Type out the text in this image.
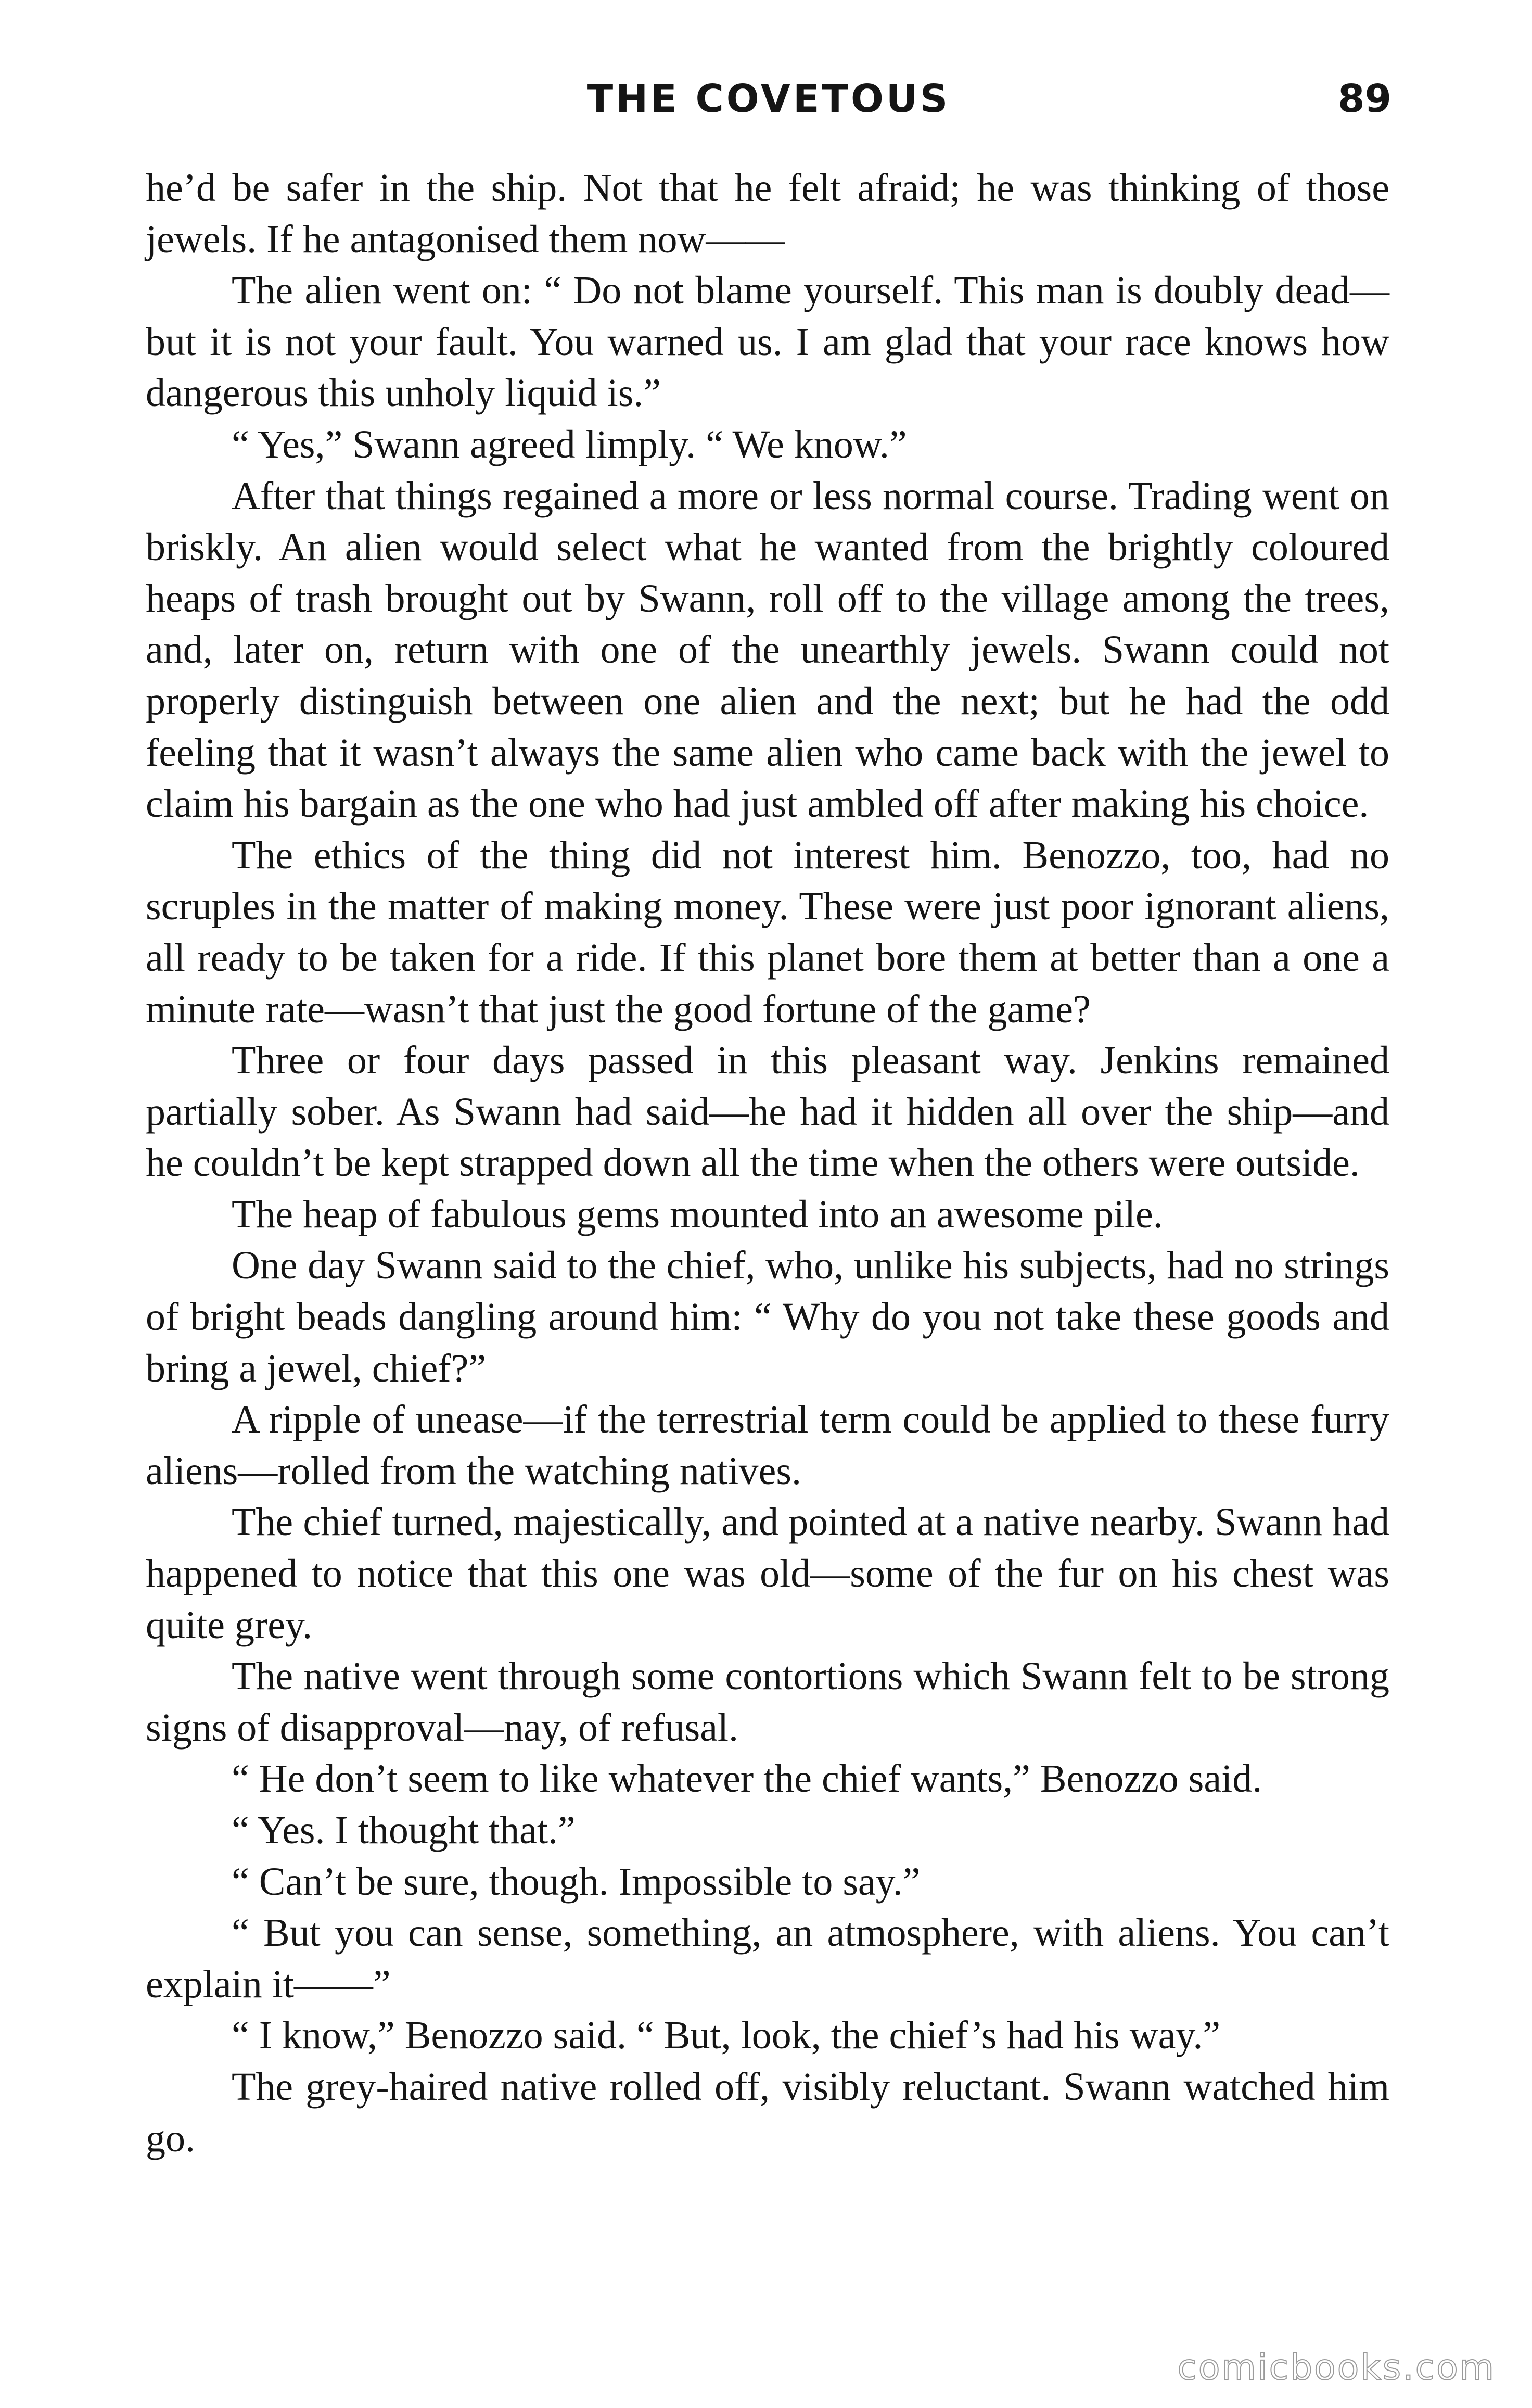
THE COVETOUS	89

he’d be safer in the ship. Not that he felt afraid; he was thinking of those jewels. If he antagonised them now——

The alien went on: “ Do not blame yourself. This man is doubly dead—but it is not your fault. You warned us. I am glad that your race knows how dangerous this unholy liquid is.”

“ Yes,” Swann agreed limply. “ We know.”

After that things regained a more or less normal course. Trading went on briskly. An alien would select what he wanted from the brightly coloured heaps of trash brought out by Swann, roll off to the village among the trees, and, later on, return with one of the unearthly jewels. Swann could not properly distinguish between one alien and the next; but he had the odd feeling that it wasn’t always the same alien who came back with the jewel to claim his bargain as the one who had just ambled off after making his choice.

The ethics of the thing did not interest him. Benozzo, too, had no scruples in the matter of making money. These were just poor ignorant aliens, all ready to be taken for a ride. If this planet bore them at better than a one a minute rate—wasn’t that just the good fortune of the game?

Three or four days passed in this pleasant way. Jenkins remained partially sober. As Swann had said—he had it hidden all over the ship—and he couldn’t be kept strapped down all the time when the others were outside.

The heap of fabulous gems mounted into an awesome pile.

One day Swann said to the chief, who, unlike his subjects, had no strings of bright beads dangling around him: “ Why do you not take these goods and bring a jewel, chief?”

A ripple of unease—if the terrestrial term could be applied to these furry aliens—rolled from the watching natives.

The chief turned, majestically, and pointed at a native nearby. Swann had happened to notice that this one was old—some of the fur on his chest was quite grey.

The native went through some contortions which Swann felt to be strong signs of disapproval—nay, of refusal.

“ He don’t seem to like whatever the chief wants,” Benozzo said.

“ Yes. I thought that.”

“ Can’t be sure, though. Impossible to say.”

“ But you can sense, something, an atmosphere, with aliens. You can’t explain it——”

“ I know,” Benozzo said. “ But, look, the chief’s had his way.”

The grey-haired native rolled off, visibly reluctant. Swann watched him go.

comicbooks.com
